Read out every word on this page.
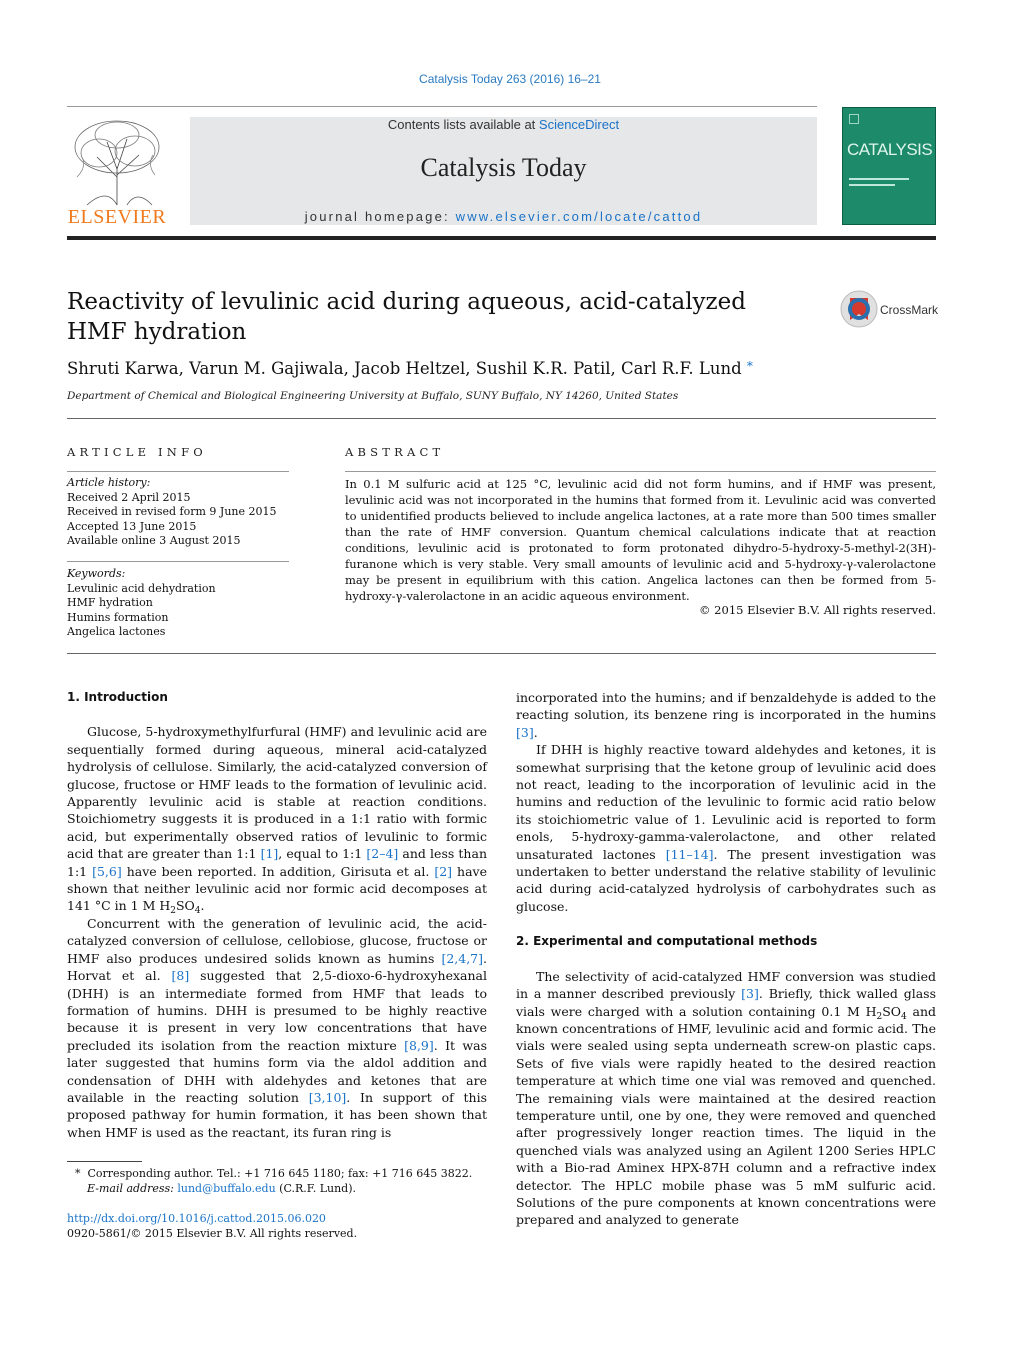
Catalysis Today 263 (2016) 16–21
ELSEVIER
Contents lists available at ScienceDirect
Catalysis Today
journal homepage: www.elsevier.com/locate/cattod
CATALYSIS
Reactivity of levulinic acid during aqueous, acid-catalyzed HMF hydration
CrossMark
Shruti Karwa, Varun M. Gajiwala, Jacob Heltzel, Sushil K.R. Patil, Carl R.F. Lund *
Department of Chemical and Biological Engineering University at Buffalo, SUNY Buffalo, NY 14260, United States
ARTICLE INFO
Article history:
Received 2 April 2015
Received in revised form 9 June 2015
Accepted 13 June 2015
Available online 3 August 2015
Keywords:
Levulinic acid dehydration
HMF hydration
Humins formation
Angelica lactones
ABSTRACT
In 0.1 M sulfuric acid at 125 °C, levulinic acid did not form humins, and if HMF was present, levulinic acid was not incorporated in the humins that formed from it. Levulinic acid was converted to unidentified products believed to include angelica lactones, at a rate more than 500 times smaller than the rate of HMF conversion. Quantum chemical calculations indicate that at reaction conditions, levulinic acid is protonated to form protonated dihydro-5-hydroxy-5-methyl-2(3H)-furanone which is very stable. Very small amounts of levulinic acid and 5-hydroxy-γ-valerolactone may be present in equilibrium with this cation. Angelica lactones can then be formed from 5-hydroxy-γ-valerolactone in an acidic aqueous environment.
© 2015 Elsevier B.V. All rights reserved.
1. Introduction

Glucose, 5-hydroxymethylfurfural (HMF) and levulinic acid are sequentially formed during aqueous, mineral acid-catalyzed hydrolysis of cellulose. Similarly, the acid-catalyzed conversion of glucose, fructose or HMF leads to the formation of levulinic acid. Apparently levulinic acid is stable at reaction conditions. Stoichiometry suggests it is produced in a 1:1 ratio with formic acid, but experimentally observed ratios of levulinic to formic acid that are greater than 1:1 [1], equal to 1:1 [2–4] and less than 1:1 [5,6] have been reported. In addition, Girisuta et al. [2] have shown that neither levulinic acid nor formic acid decomposes at 141 °C in 1 M $H_2SO_4$.

Concurrent with the generation of levulinic acid, the acid-catalyzed conversion of cellulose, cellobiose, glucose, fructose or HMF also produces undesired solids known as humins [2,4,7]. Horvat et al. [8] suggested that 2,5-dioxo-6-hydroxyhexanal (DHH) is an intermediate formed from HMF that leads to formation of humins. DHH is presumed to be highly reactive because it is present in very low concentrations that have precluded its isolation from the reaction mixture [8,9]. It was later suggested that humins form via the aldol addition and condensation of DHH with aldehydes and ketones that are available in the reacting solution [3,10]. In support of this proposed pathway for humin formation, it has been shown that when HMF is used as the reactant, its furan ring is

incorporated into the humins; and if benzaldehyde is added to the reacting solution, its benzene ring is incorporated in the humins [3].

If DHH is highly reactive toward aldehydes and ketones, it is somewhat surprising that the ketone group of levulinic acid does not react, leading to the incorporation of levulinic acid in the humins and reduction of the levulinic to formic acid ratio below its stoichiometric value of 1. Levulinic acid is reported to form enols, 5-hydroxy-gamma-valerolactone, and other related unsaturated lactones [11–14]. The present investigation was undertaken to better understand the relative stability of levulinic acid during acid-catalyzed hydrolysis of carbohydrates such as glucose.

2. Experimental and computational methods

The selectivity of acid-catalyzed HMF conversion was studied in a manner described previously [3]. Briefly, thick walled glass vials were charged with a solution containing 0.1 M $H_2SO_4$ and known concentrations of HMF, levulinic acid and formic acid. The vials were sealed using septa underneath screw-on plastic caps. Sets of five vials were rapidly heated to the desired reaction temperature at which time one vial was removed and quenched. The remaining vials were maintained at the desired reaction temperature until, one by one, they were removed and quenched after progressively longer reaction times. The liquid in the quenched vials was analyzed using an Agilent 1200 Series HPLC with a Bio-rad Aminex HPX-87H column and a refractive index detector. The HPLC mobile phase was 5 mM sulfuric acid. Solutions of the pure components at known concentrations were prepared and analyzed to generate

* Corresponding author. Tel.: +1 716 645 1180; fax: +1 716 645 3822.
E-mail address: lund@buffalo.edu (C.R.F. Lund).
http://dx.doi.org/10.1016/j.cattod.2015.06.020
0920-5861/© 2015 Elsevier B.V. All rights reserved.
